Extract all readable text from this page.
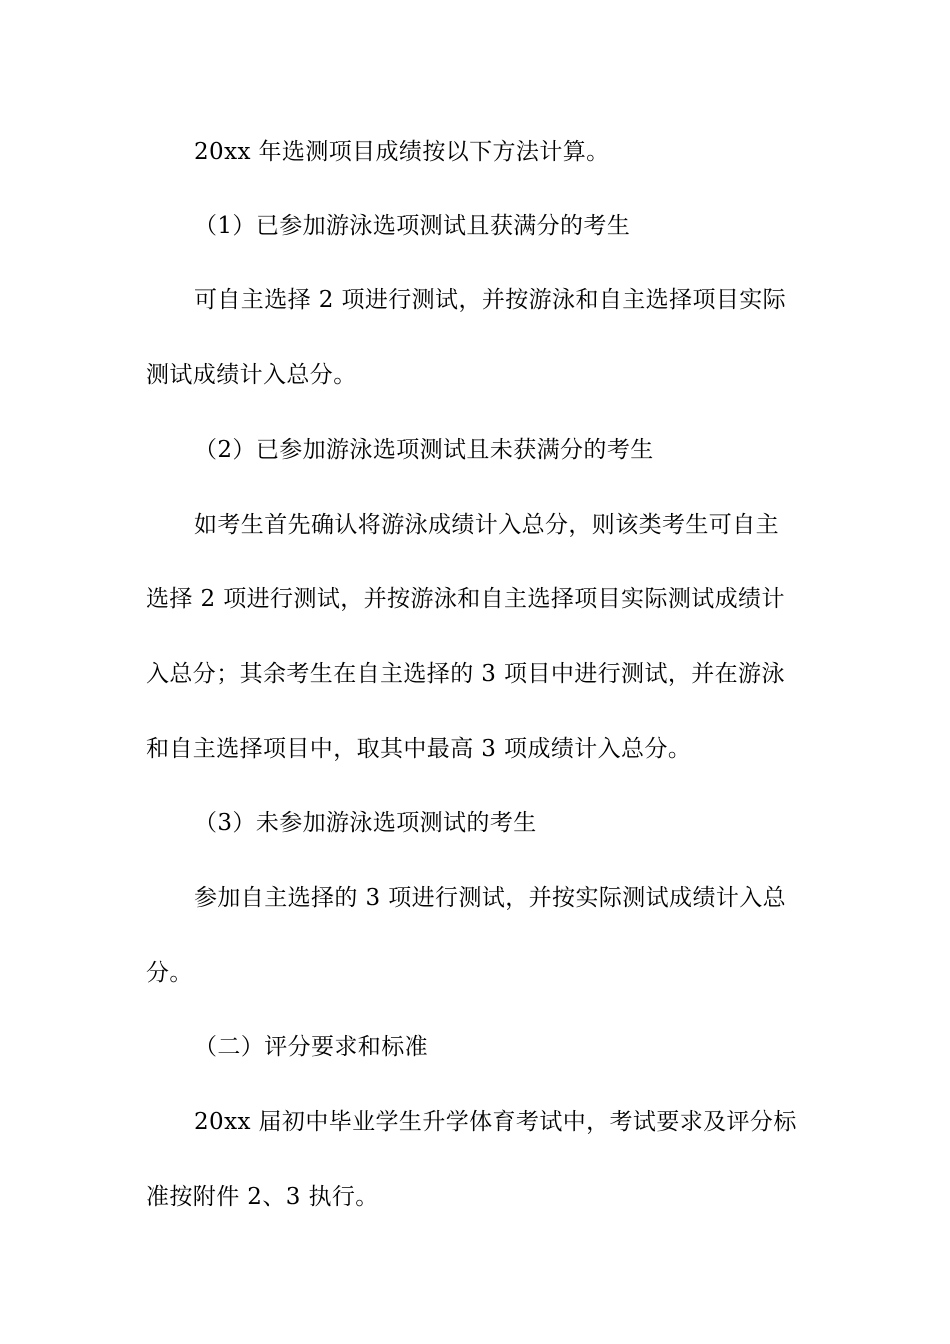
20xx 年选测项目成绩按以下方法计算。
（1）已参加游泳选项测试且获满分的考生
可自主选择 2 项进行测试，并按游泳和自主选择项目实际
测试成绩计入总分。
（2）已参加游泳选项测试且未获满分的考生
如考生首先确认将游泳成绩计入总分，则该类考生可自主
选择 2 项进行测试，并按游泳和自主选择项目实际测试成绩计
入总分；其余考生在自主选择的 3 项目中进行测试，并在游泳
和自主选择项目中，取其中最高 3 项成绩计入总分。
（3）未参加游泳选项测试的考生
参加自主选择的 3 项进行测试，并按实际测试成绩计入总
分。
（二）评分要求和标准
20xx 届初中毕业学生升学体育考试中，考试要求及评分标
准按附件 2、3 执行。
